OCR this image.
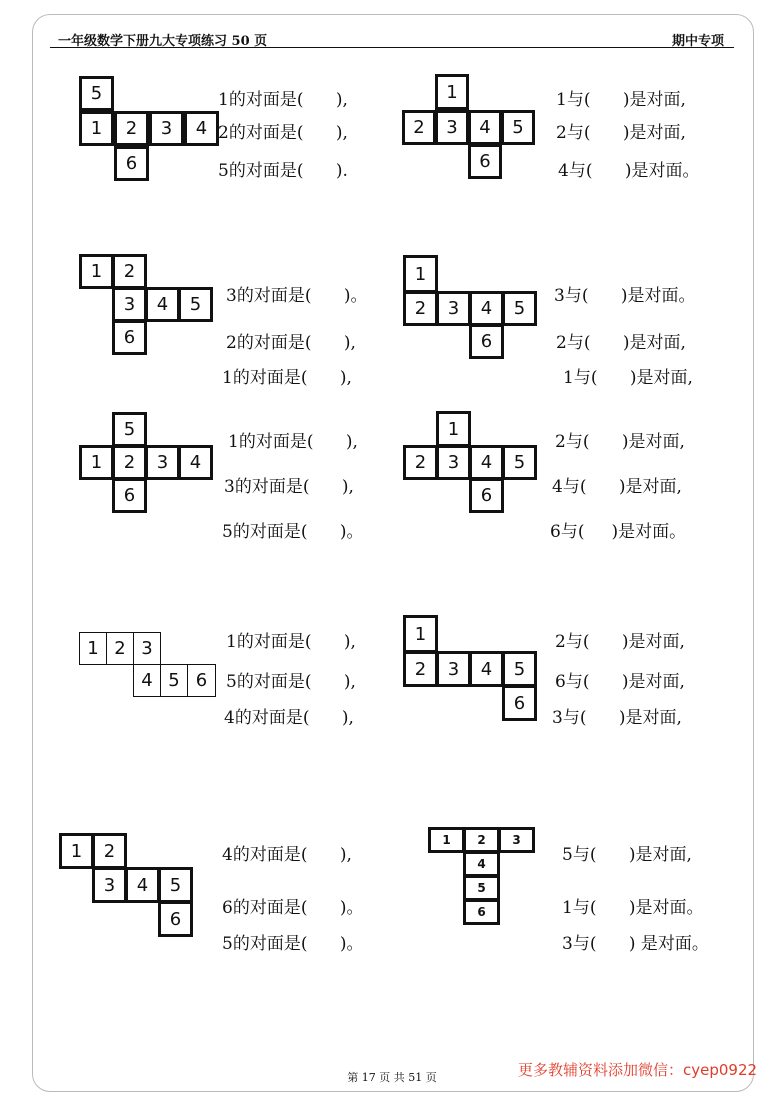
一年级数学下册九大专项练习 50 页	期中专项
5
1	2	3	4
6
1的对面是(      ),
2的对面是(      ),
5的对面是(      ).
1
2	3	4	5
6
1与(      )是对面,
2与(      )是对面,
4与(      )是对面。
1	2
3	4	5
6
3的对面是(      )。
2的对面是(      ),
1的对面是(      ),
1
2	3	4	5
6
3与(      )是对面。
2与(      )是对面,
1与(      )是对面,
5
1	2	3	4
6
1的对面是(      ),
3的对面是(      ),
5的对面是(      )。
1
2	3	4	5
6
2与(      )是对面,
4与(      )是对面,
6与(     )是对面。
1 2 3
4 5 6
1的对面是(      ),
5的对面是(      ),
4的对面是(      ),
1
2	3	4	5
6
2与(      )是对面,
6与(      )是对面,
3与(      )是对面,
1	2
3	4	5
6
4的对面是(      ),
6的对面是(      )。
5的对面是(      )。
1	2	3
4
5
6
5与(      )是对面,
1与(      )是对面。
3与(      ) 是对面。
第 17 页 共 51 页	更多教辅资料添加微信：cyep0922
